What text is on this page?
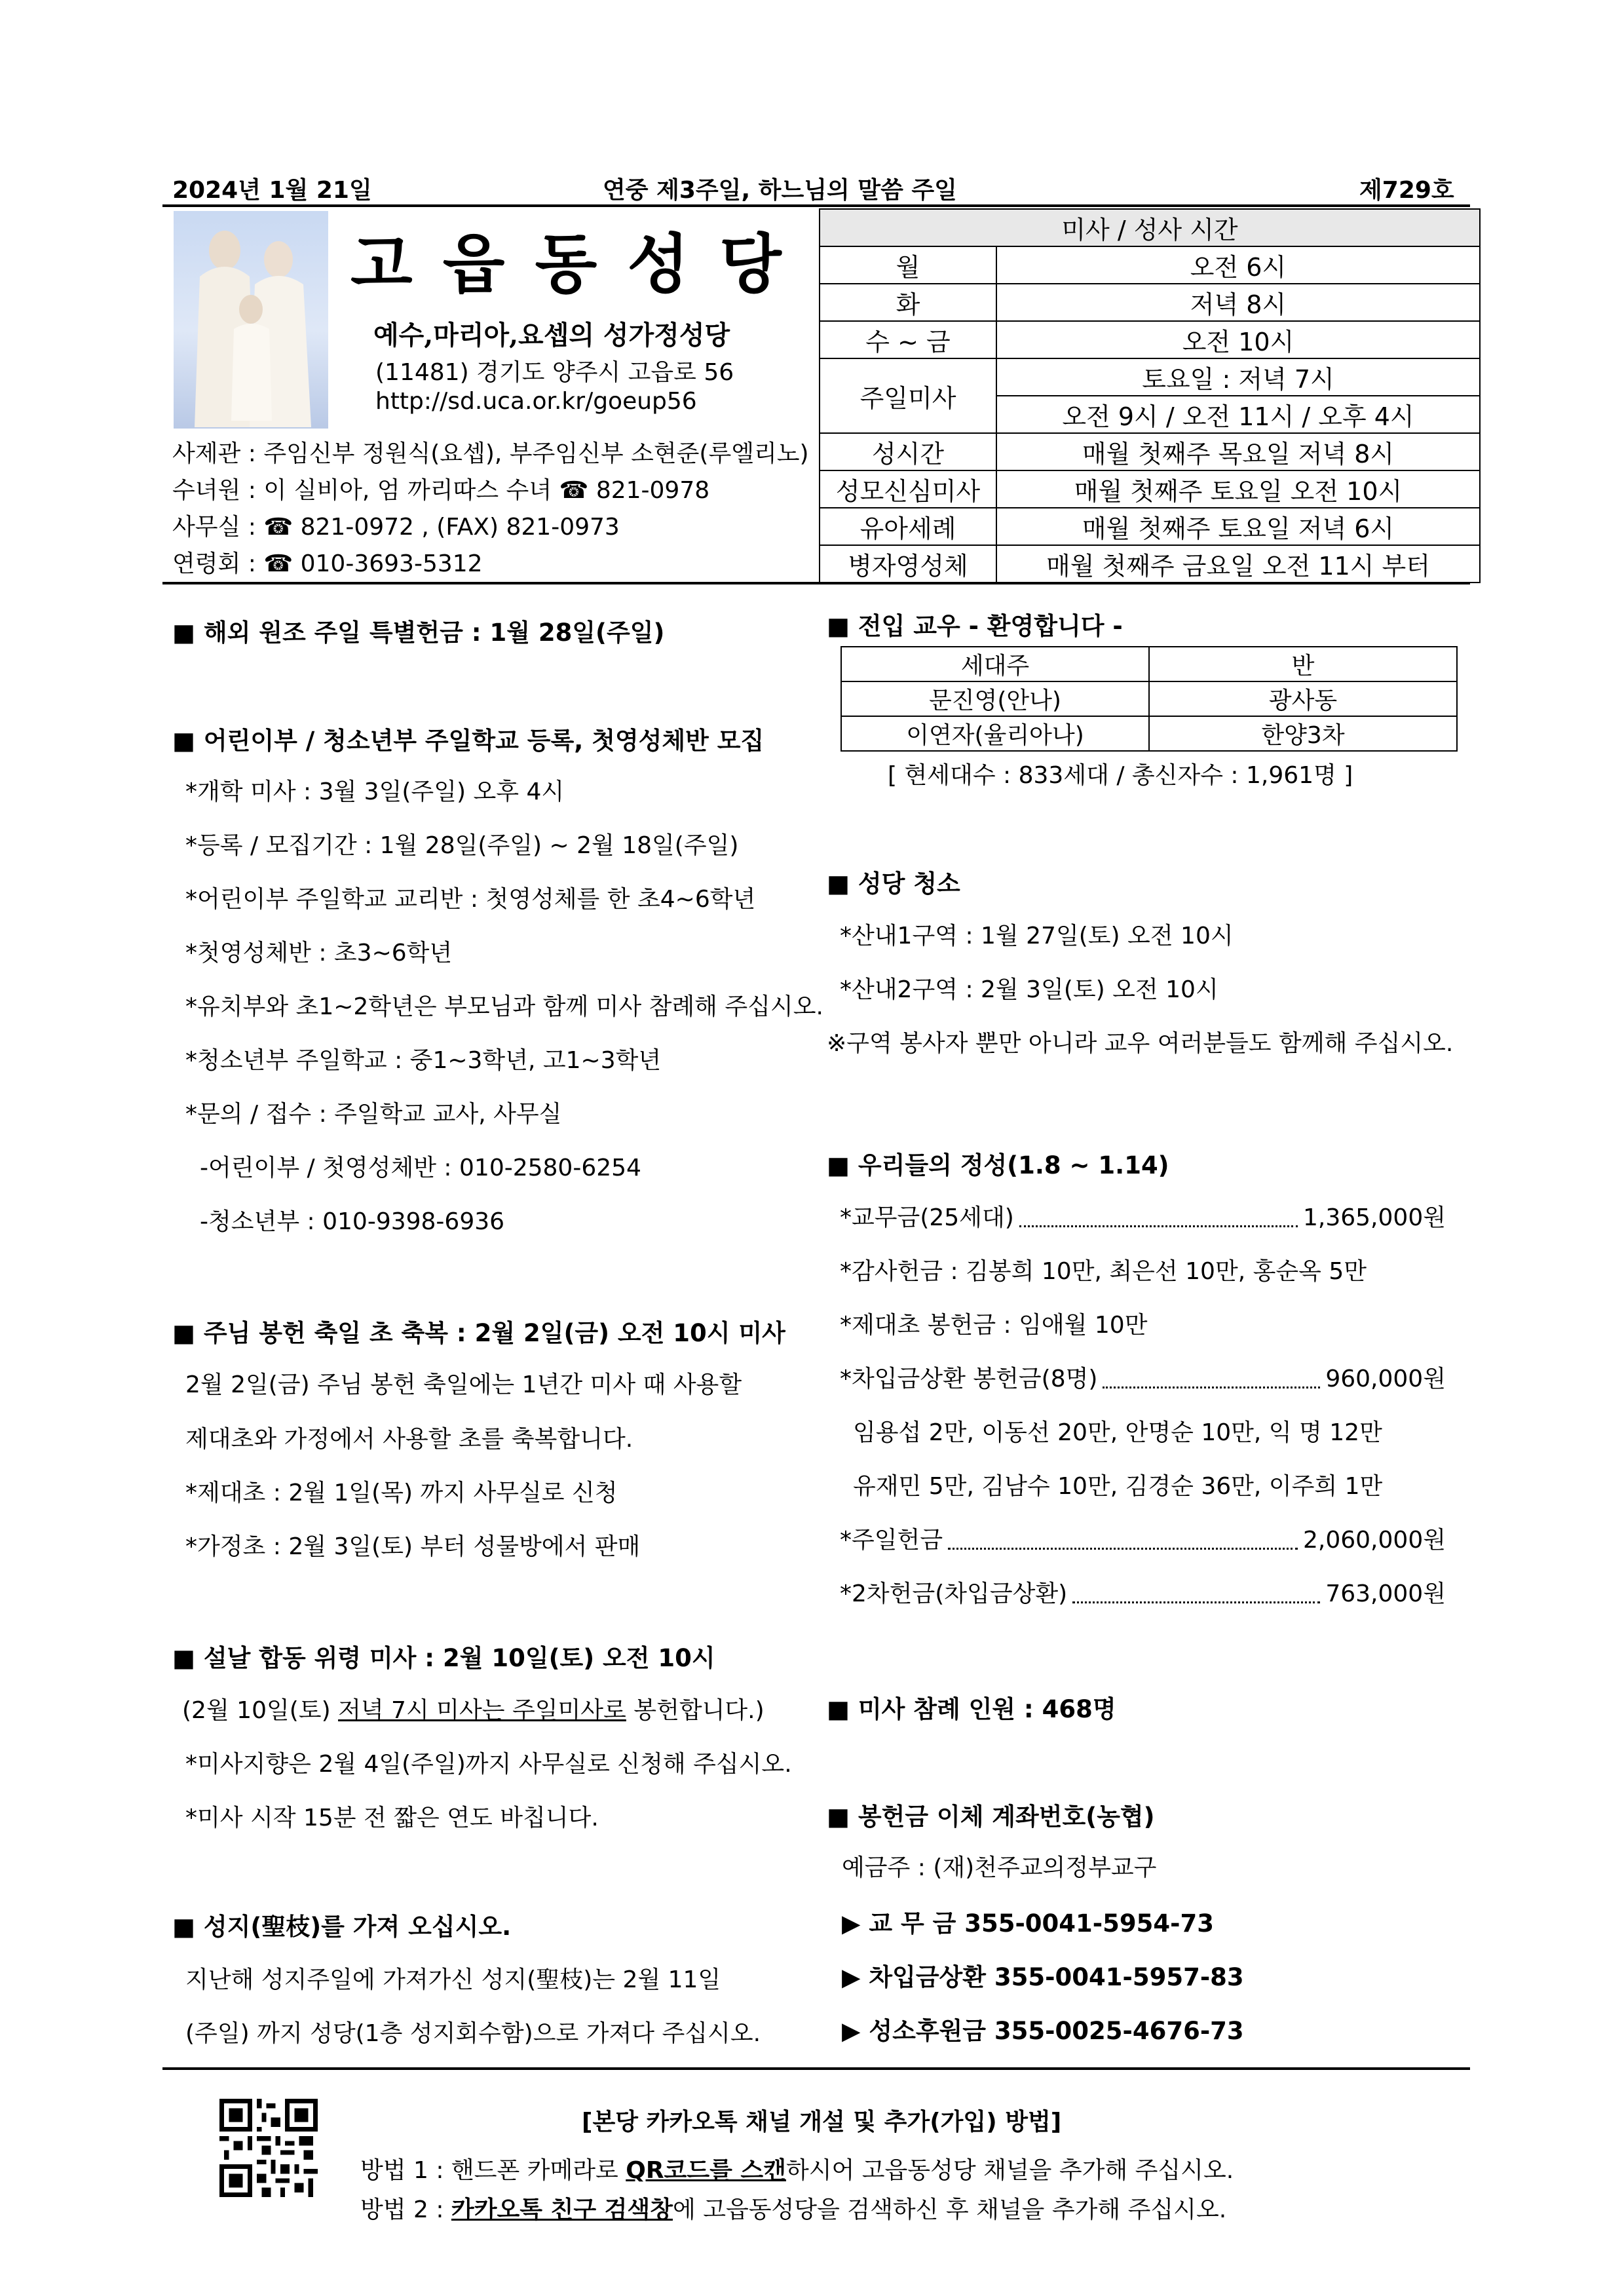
2024년 1월 21일	연중 제3주일, 하느님의 말씀 주일	제729호
고 읍 동 성 당
예수,마리아,요셉의 성가정성당
(11481) 경기도 양주시 고읍로 56
http://sd.uca.or.kr/goeup56
사제관 : 주임신부 정원식(요셉), 부주임신부 소현준(루엘리노)
수녀원 : 이 실비아, 엄 까리따스 수녀 ☎ 821-0978
사무실 : ☎ 821-0972 , (FAX) 821-0973
연령회 : ☎ 010-3693-5312
미사 / 성사 시간	
월	오전 6시
화	저녁 8시
수 ~ 금	오전 10시
주일미사	토요일 : 저녁 7시
	오전 9시 / 오전 11시 / 오후 4시
성시간	매월 첫째주 목요일 저녁 8시
성모신심미사	매월 첫째주 토요일 오전 10시
유아세례	매월 첫째주 토요일 저녁 6시
병자영성체	매월 첫째주 금요일 오전 11시 부터
■ 해외 원조 주일 특별헌금 : 1월 28일(주일)
■ 어린이부 / 청소년부 주일학교 등록, 첫영성체반 모집
*개학 미사 : 3월 3일(주일) 오후 4시
*등록 / 모집기간 : 1월 28일(주일) ~ 2월 18일(주일)
*어린이부 주일학교 교리반 : 첫영성체를 한 초4~6학년
*첫영성체반 : 초3~6학년
*유치부와 초1~2학년은 부모님과 함께 미사 참례해 주십시오.
*청소년부 주일학교 : 중1~3학년, 고1~3학년
*문의 / 접수 : 주일학교 교사, 사무실
-어린이부 / 첫영성체반 : 010-2580-6254
-청소년부 : 010-9398-6936
■ 주님 봉헌 축일 초 축복 : 2월 2일(금) 오전 10시 미사
2월 2일(금) 주님 봉헌 축일에는 1년간 미사 때 사용할
제대초와 가정에서 사용할 초를 축복합니다.
*제대초 : 2월 1일(목) 까지 사무실로 신청
*가정초 : 2월 3일(토) 부터 성물방에서 판매
■ 설날 합동 위령 미사 : 2월 10일(토) 오전 10시
(2월 10일(토) 저녁 7시 미사는 주일미사로 봉헌합니다.)
*미사지향은 2월 4일(주일)까지 사무실로 신청해 주십시오.
*미사 시작 15분 전 짧은 연도 바칩니다.
■ 성지(聖枝)를 가져 오십시오.
지난해 성지주일에 가져가신 성지(聖枝)는 2월 11일
(주일) 까지 성당(1층 성지회수함)으로 가져다 주십시오.
■ 전입 교우 - 환영합니다 -
세대주	반
문진영(안나)	광사동
이연자(율리아나)	한양3차
[ 현세대수 : 833세대 / 총신자수 : 1,961명 ]
■ 성당 청소
*산내1구역 : 1월 27일(토) 오전 10시
*산내2구역 : 2월 3일(토) 오전 10시
※구역 봉사자 뿐만 아니라 교우 여러분들도 함께해 주십시오.
■ 우리들의 정성(1.8 ~ 1.14)
*교무금(25세대)	1,365,000원
*감사헌금 : 김봉희 10만, 최은선 10만, 홍순옥 5만
*제대초 봉헌금 : 임애월 10만
*차입금상환 봉헌금(8명)	960,000원
임용섭 2만, 이동선 20만, 안명순 10만, 익 명 12만
유재민 5만, 김남수 10만, 김경순 36만, 이주희 1만
*주일헌금	2,060,000원
*2차헌금(차입금상환)	763,000원
■ 미사 참례 인원 : 468명
■ 봉헌금 이체 계좌번호(농협)
예금주 : (재)천주교의정부교구
▶ 교 무 금 355-0041-5954-73
▶ 차입금상환 355-0041-5957-83
▶ 성소후원금 355-0025-4676-73
[본당 카카오톡 채널 개설 및 추가(가입) 방법]
방법 1 : 핸드폰 카메라로 QR코드를 스캔하시어 고읍동성당 채널을 추가해 주십시오.
방법 2 : 카카오톡 친구 검색창에 고읍동성당을 검색하신 후 채널을 추가해 주십시오.
